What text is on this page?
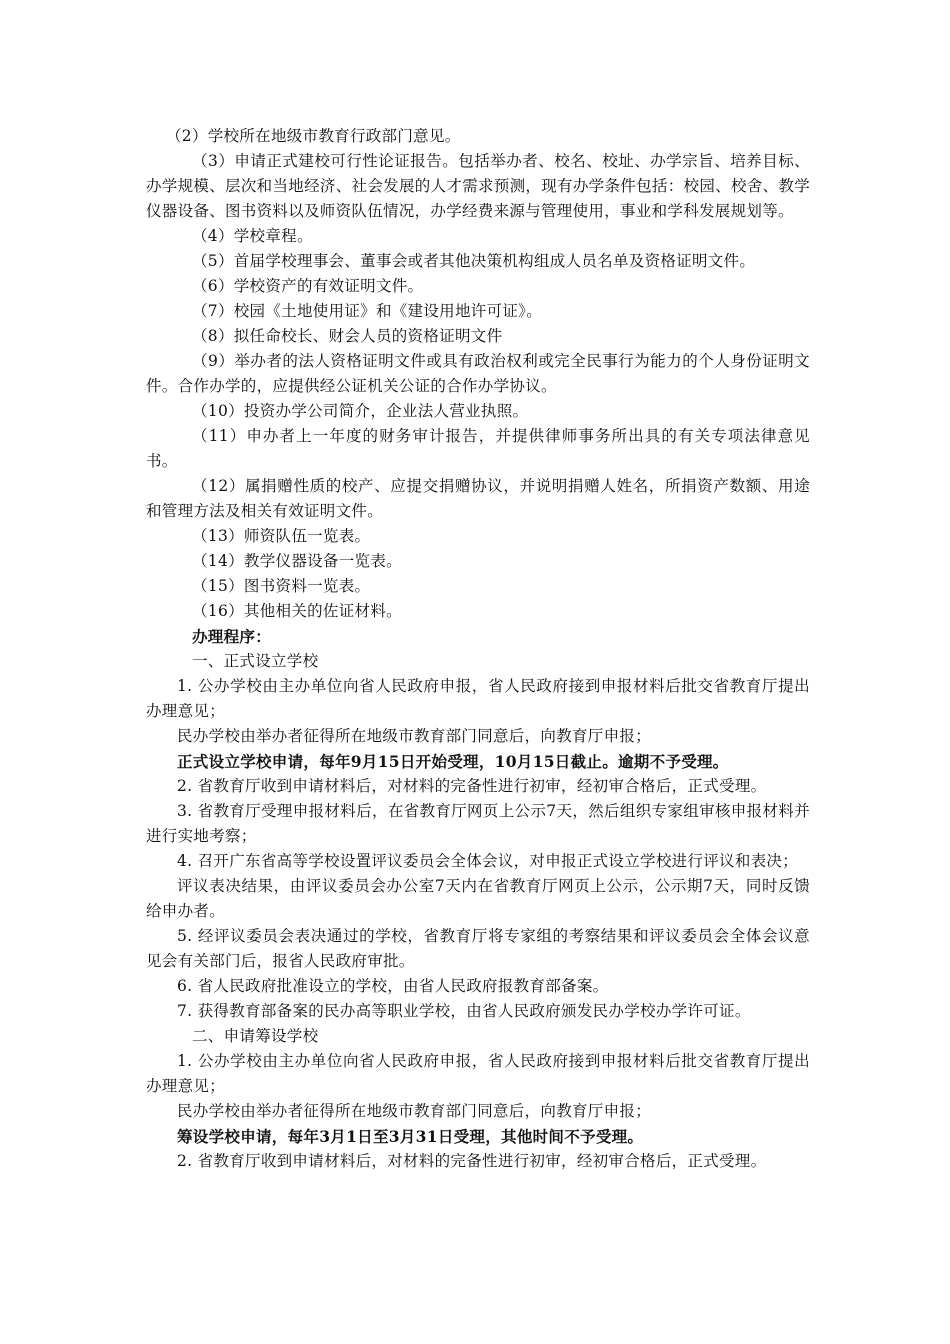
（2）学校所在地级市教育行政部门意见。

（3）申请正式建校可行性论证报告。包括举办者、校名、校址、办学宗旨、培养目标、办学规模、层次和当地经济、社会发展的人才需求预测，现有办学条件包括：校园、校舍、教学仪器设备、图书资料以及师资队伍情况，办学经费来源与管理使用，事业和学科发展规划等。

（4）学校章程。

（5）首届学校理事会、董事会或者其他决策机构组成人员名单及资格证明文件。

（6）学校资产的有效证明文件。

（7）校园《土地使用证》和《建设用地许可证》。

（8）拟任命校长、财会人员的资格证明文件

（9）举办者的法人资格证明文件或具有政治权利或完全民事行为能力的个人身份证明文件。合作办学的，应提供经公证机关公证的合作办学协议。

（10）投资办学公司简介，企业法人营业执照。

（11）申办者上一年度的财务审计报告，并提供律师事务所出具的有关专项法律意见书。

（12）属捐赠性质的校产、应提交捐赠协议，并说明捐赠人姓名，所捐资产数额、用途和管理方法及相关有效证明文件。

（13）师资队伍一览表。

（14）教学仪器设备一览表。

（15）图书资料一览表。

（16）其他相关的佐证材料。

办理程序：

一、正式设立学校

1. 公办学校由主办单位向省人民政府申报，省人民政府接到申报材料后批交省教育厅提出办理意见；

民办学校由举办者征得所在地级市教育部门同意后，向教育厅申报；

正式设立学校申请，每年9月15日开始受理，10月15日截止。逾期不予受理。

2. 省教育厅收到申请材料后，对材料的完备性进行初审，经初审合格后，正式受理。

3. 省教育厅受理申报材料后，在省教育厅网页上公示7天，然后组织专家组审核申报材料并进行实地考察；

4. 召开广东省高等学校设置评议委员会全体会议，对申报正式设立学校进行评议和表决；

评议表决结果，由评议委员会办公室7天内在省教育厅网页上公示，公示期7天，同时反馈给申办者。

5. 经评议委员会表决通过的学校，省教育厅将专家组的考察结果和评议委员会全体会议意见会有关部门后，报省人民政府审批。

6. 省人民政府批准设立的学校，由省人民政府报教育部备案。

7. 获得教育部备案的民办高等职业学校，由省人民政府颁发民办学校办学许可证。

二、申请筹设学校

1. 公办学校由主办单位向省人民政府申报，省人民政府接到申报材料后批交省教育厅提出办理意见；

民办学校由举办者征得所在地级市教育部门同意后，向教育厅申报；

筹设学校申请，每年3月1日至3月31日受理，其他时间不予受理。

2. 省教育厅收到申请材料后，对材料的完备性进行初审，经初审合格后，正式受理。
